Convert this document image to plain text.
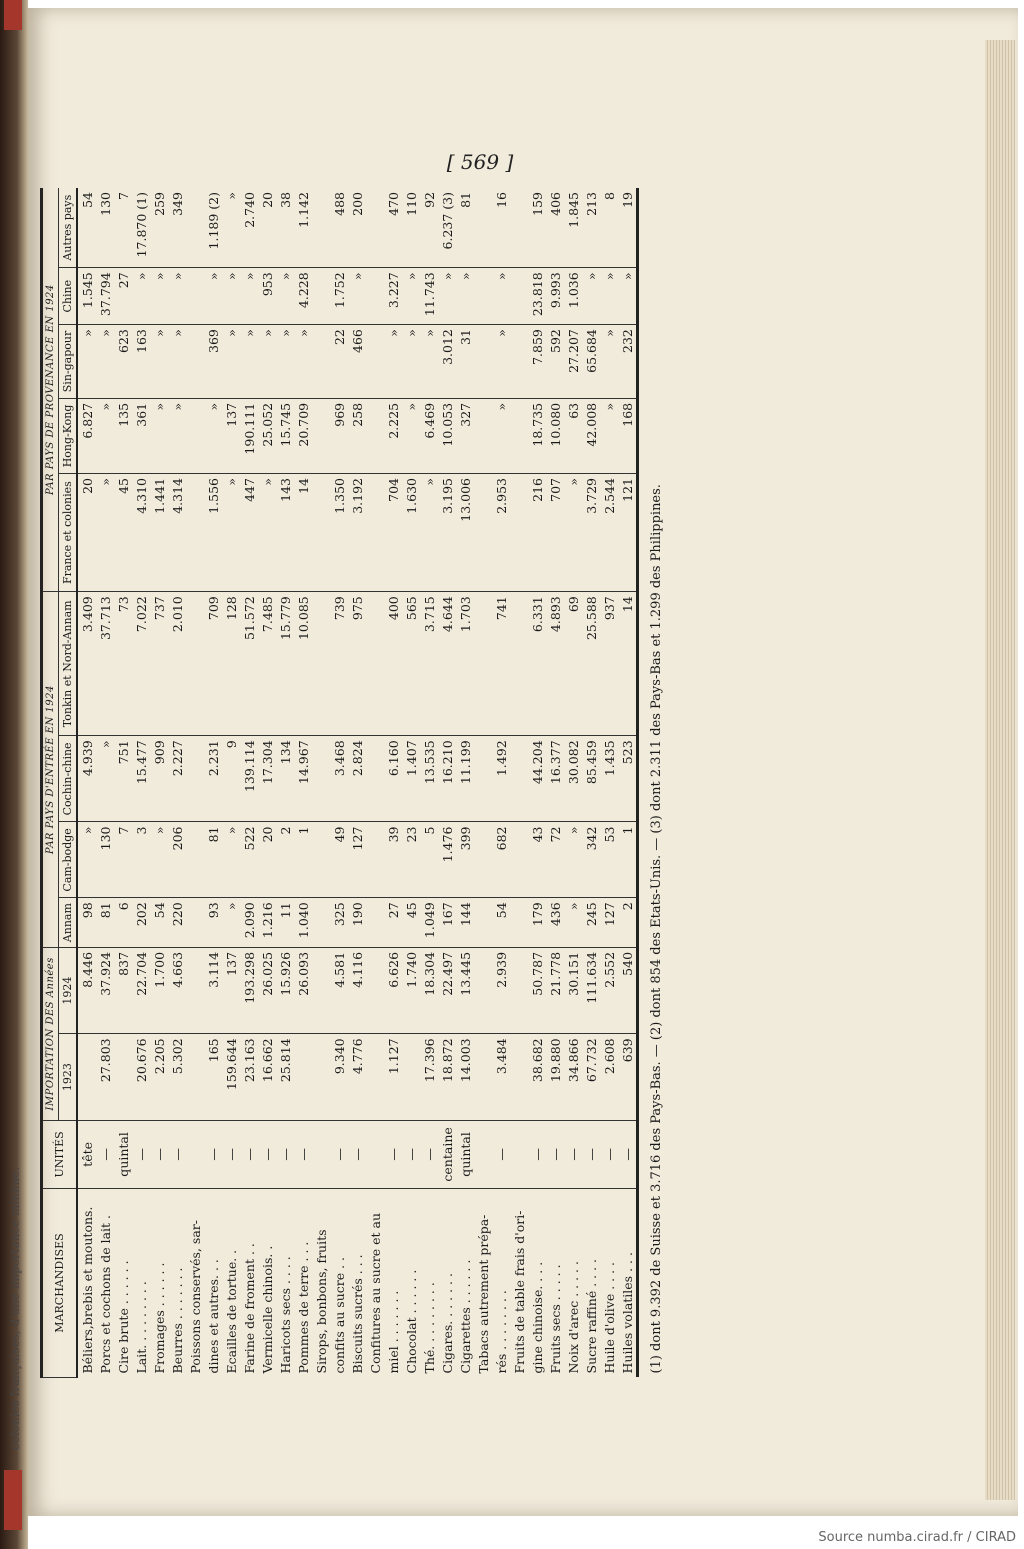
colonies françaises, d'une importance minime.
[ 569 ]
MARCHANDISES	UNITÉS	IMPORTATION DES Années		PAR PAYS D'ENTRÉE EN 1924				PAR PAYS DE PROVENANCE EN 1924				
		1923	1924	Annam	Cam-bodge	Cochin-chine	Tonkin et Nord-Annam	France et colonies	Hong-Kong	Sin-gapour	Chine	Autres pays
Béliers,brebis et moutons.	tête		8.446	98	»	4.939	3.409	20	6.827	»	1.545	54
Porcs et cochons de lait .	—	27.803	37.924	81	130	»	37.713	»	»	»	37.794	130
Cire brute . . . . . .	quintal		837	6	7	751	73	45	135	623	27	7
Lait. . . . . . . . .	—	20.676	22.704	202	3	15.477	7.022	4.310	361	163	»	17.870 (1)
Fromages . . . . . .	—	2.205	1.700	54	»	909	737	1.441	»	»	»	259
Beurres . . . . . . .	—	5.302	4.663	220	206	2.227	2.010	4.314	»	»	»	349
Poissons conservés, sar-												
dines et autres. . .	—	165	3.114	93	81	2.231	709	1.556	»	369	»	1.189 (2)
Ecailles de tortue. .	—	159.644	137	»	»	9	128	»	137	»	»	»
Farine de froment . .	—	23.163	193.298	2.090	522	139.114	51.572	447	190.111	»	»	2.740
Vermicelle chinois. .	—	16.662	26.025	1.216	20	17.304	7.485	»	25.052	»	953	20
Haricots secs . . . .	—	25.814	15.926	11	2	134	15.779	143	15.745	»	»	38
Pommes de terre . . .	—		26.093	1.040	1	14.967	10.085	14	20.709	»	4.228	1.142
Sirops, bonbons, fruits												
confits au sucre . .	—	9.340	4.581	325	49	3.468	739	1.350	969	22	1.752	488
Biscuits sucrés . . .	—	4.776	4.116	190	127	2.824	975	3.192	258	466	»	200
Confitures au sucre et au												
miel . . . . . . .	—	1.127	6.626	27	39	6.160	400	704	2.225	»	3.227	470
Chocolat . . . . . .	—		1.740	45	23	1.407	565	1.630	»	»	»	110
Thé. . . . . . . . .	—	17.396	18.304	1.049	5	13.535	3.715	»	6.469	»	11.743	92
Cigares. . . . . . .	centaine	18.872	22.497	167	1.476	16.210	4.644	3.195	10.053	3.012	»	6.237 (3)
Cigarettes . . . . . .	quintal	14.003	13.445	144	399	11.199	1.703	13.006	327	31	»	81
Tabacs autrement prépa-												
rés . . . . . . . .	—	3.484	2.939	54	682	1.492	741	2.953	»	»	»	16
Fruits de table frais d'ori-												
gine chinoise. . . .	—	38.682	50.787	179	43	44.204	6.331	216	18.735	7.859	23.818	159
Fruits secs . . . . .	—	19.880	21.778	436	72	16.377	4.893	707	10.080	592	9.993	406
Noix d'arec . . . . .	—	34.866	30.151	»	»	30.082	69	»	63	27.207	1.036	1.845
Sucre raffiné . . . .	—	67.732	111.634	245	342	85.459	25.588	3.729	42.008	65.684	»	213
Huile d'olive . . . .	—	2.608	2.552	127	53	1.435	937	2.544	»	»	»	8
Huiles volatiles . . .	—	639	540	2	1	523	14	121	168	232	»	19
(1) dont 9.392 de Suisse et 3.716 des Pays-Bas. — (2) dont 854 des Etats-Unis. — (3) dont 2.311 des Pays-Bas et 1.299 des Philippines.												
Source numba.cirad.fr / CIRAD
